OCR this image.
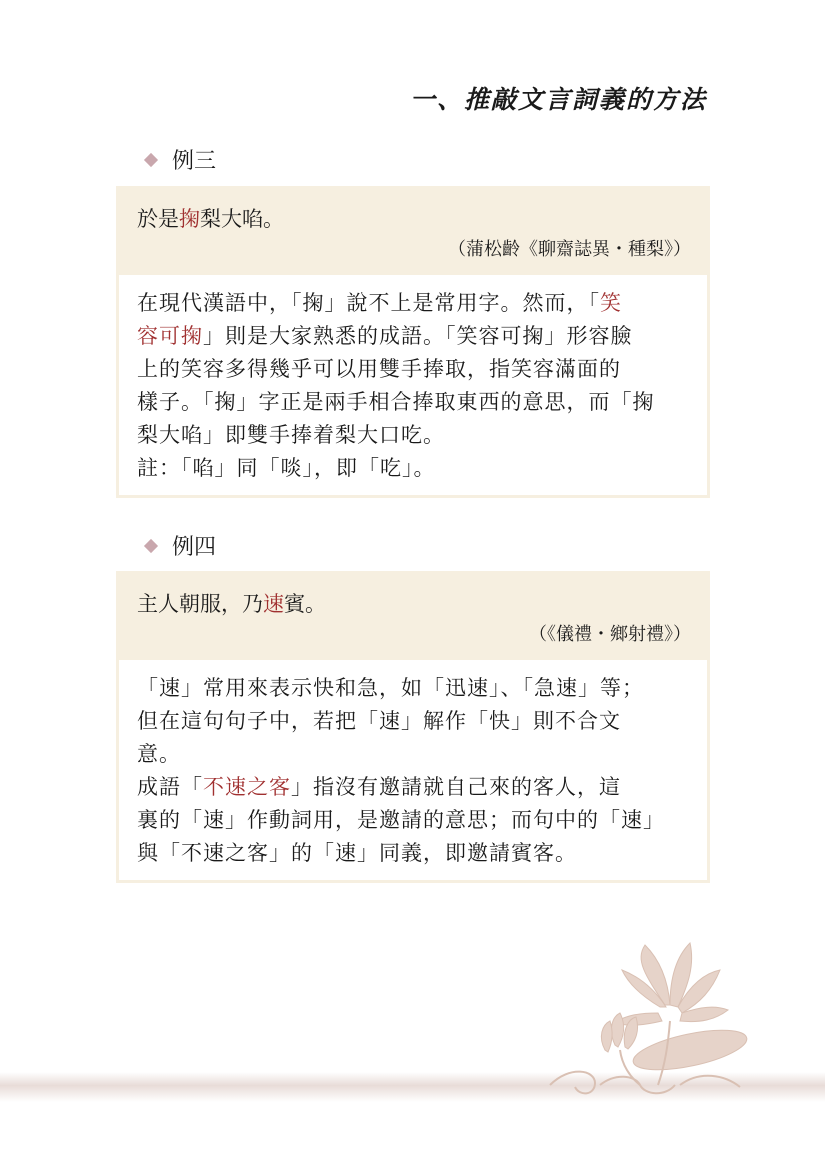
一、推敲文言詞義的方法
例三
於是掬梨大啗。
（蒲松齡《聊齋誌異・種梨》）
在現代漢語中，「掬」說不上是常用字。然而，「笑
容可掬」則是大家熟悉的成語。「笑容可掬」形容臉
上的笑容多得幾乎可以用雙手捧取，指笑容滿面的
樣子。「掬」字正是兩手相合捧取東西的意思，而「掬
梨大啗」即雙手捧着梨大口吃。
註：「啗」同「啖」，即「吃」。
例四
主人朝服，乃速賓。
（《儀禮・鄉射禮》）
「速」常用來表示快和急，如「迅速」、「急速」等；
但在這句句子中，若把「速」解作「快」則不合文
意。
成語「不速之客」指沒有邀請就自己來的客人，這
裏的「速」作動詞用，是邀請的意思；而句中的「速」
與「不速之客」的「速」同義，即邀請賓客。
